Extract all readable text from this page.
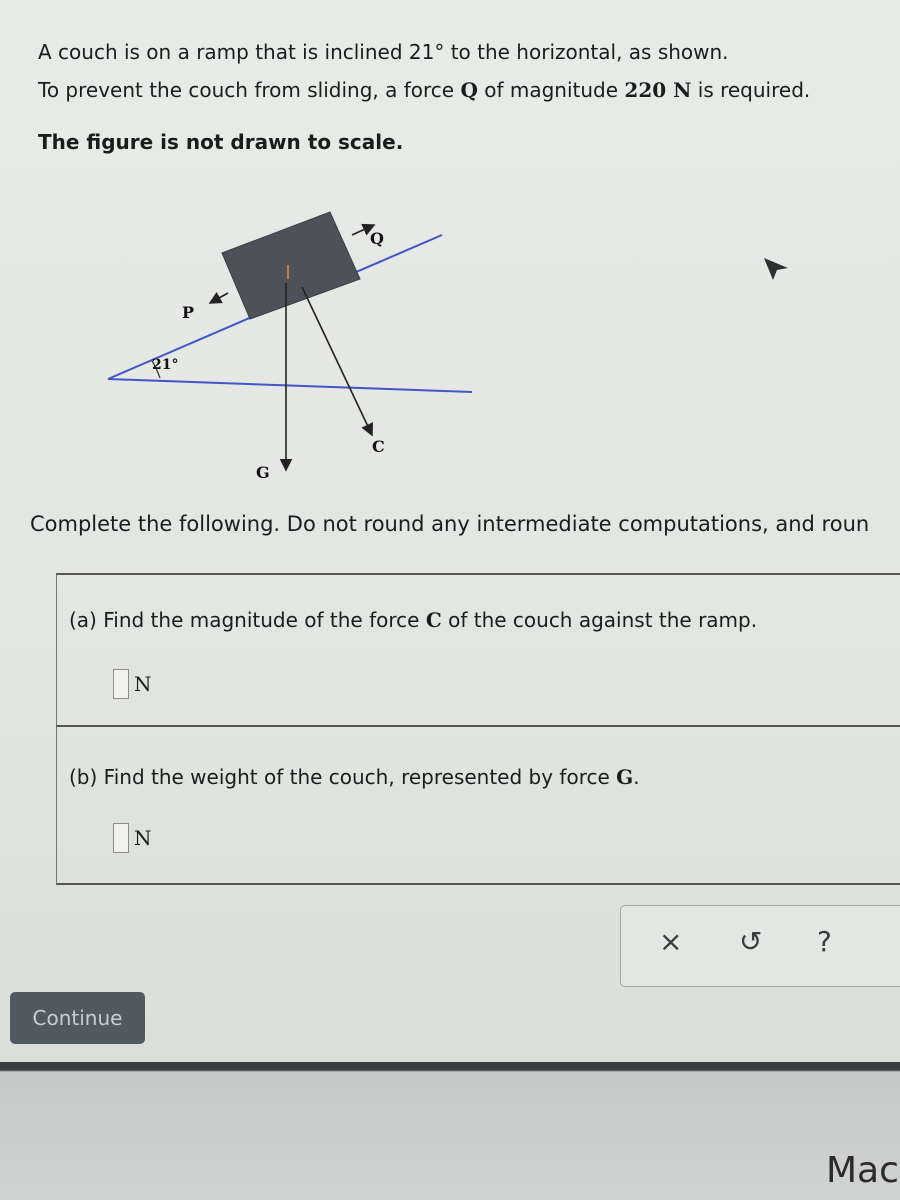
A couch is on a ramp that is inclined 21° to the horizontal, as shown.
To prevent the couch from sliding, a force Q of magnitude 220 N is required.
The figure is not drawn to scale.
P
Q
C
G
21°
Complete the following. Do not round any intermediate computations, and roun
(a) Find the magnitude of the force C of the couch against the ramp.
N
(b) Find the weight of the couch, represented by force G.
N
× ↺ ?
Continue
Mac
